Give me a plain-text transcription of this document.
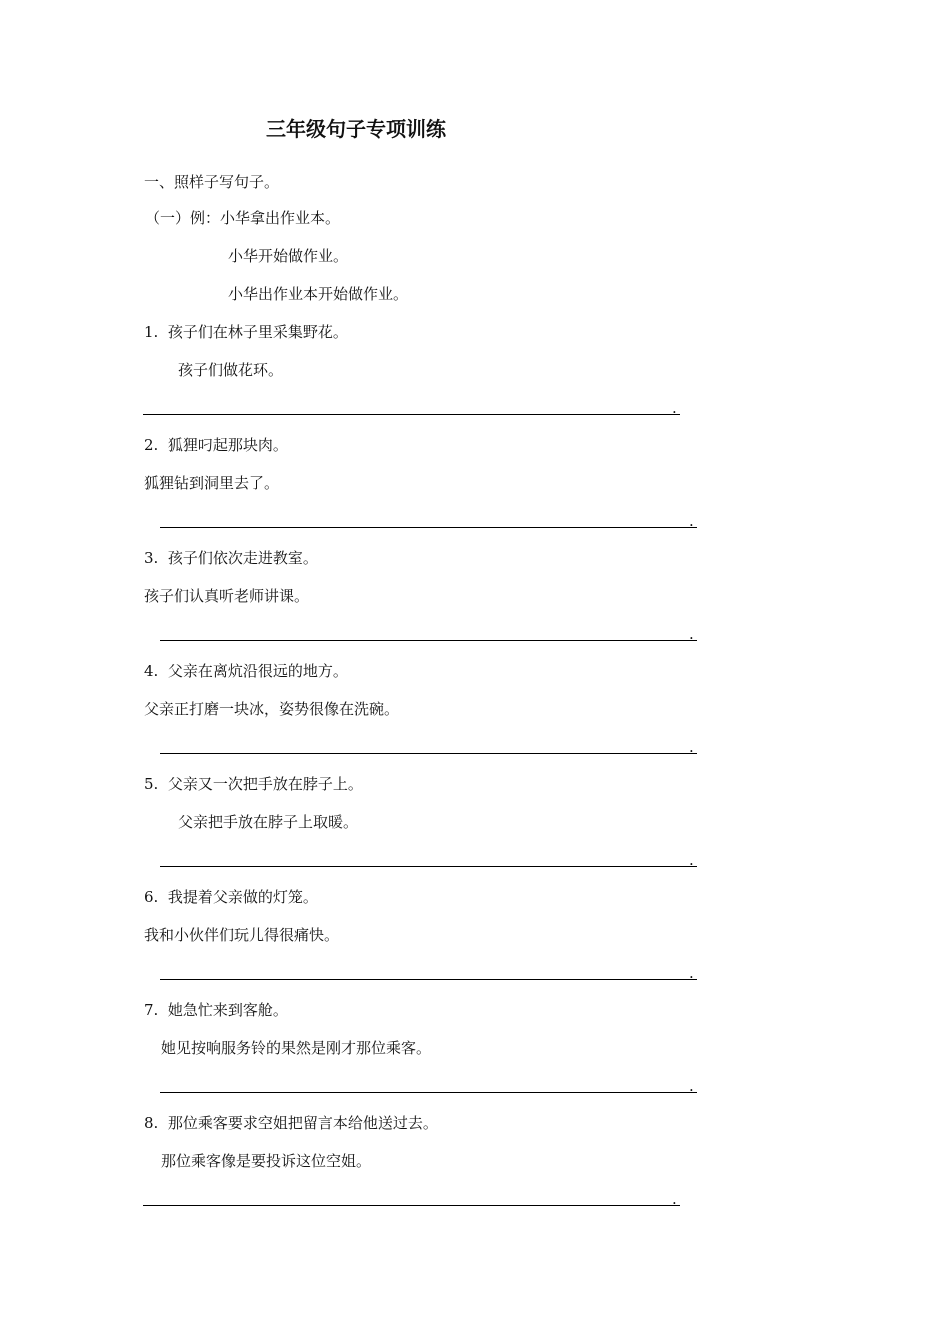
三年级句子专项训练
一、照样子写句子。
（一）例：小华拿出作业本。
小华开始做作业。
小华出作业本开始做作业。
1. 孩子们在林子里采集野花。
孩子们做花环。
.
2. 狐狸叼起那块肉。
狐狸钻到洞里去了。
.
3. 孩子们依次走进教室。
孩子们认真听老师讲课。
.
4. 父亲在离炕沿很远的地方。
父亲正打磨一块冰，姿势很像在洗碗。
.
5. 父亲又一次把手放在脖子上。
父亲把手放在脖子上取暖。
.
6. 我提着父亲做的灯笼。
我和小伙伴们玩儿得很痛快。
.
7. 她急忙来到客舱。
她见按响服务铃的果然是刚才那位乘客。
.
8. 那位乘客要求空姐把留言本给他送过去。
那位乘客像是要投诉这位空姐。
.
